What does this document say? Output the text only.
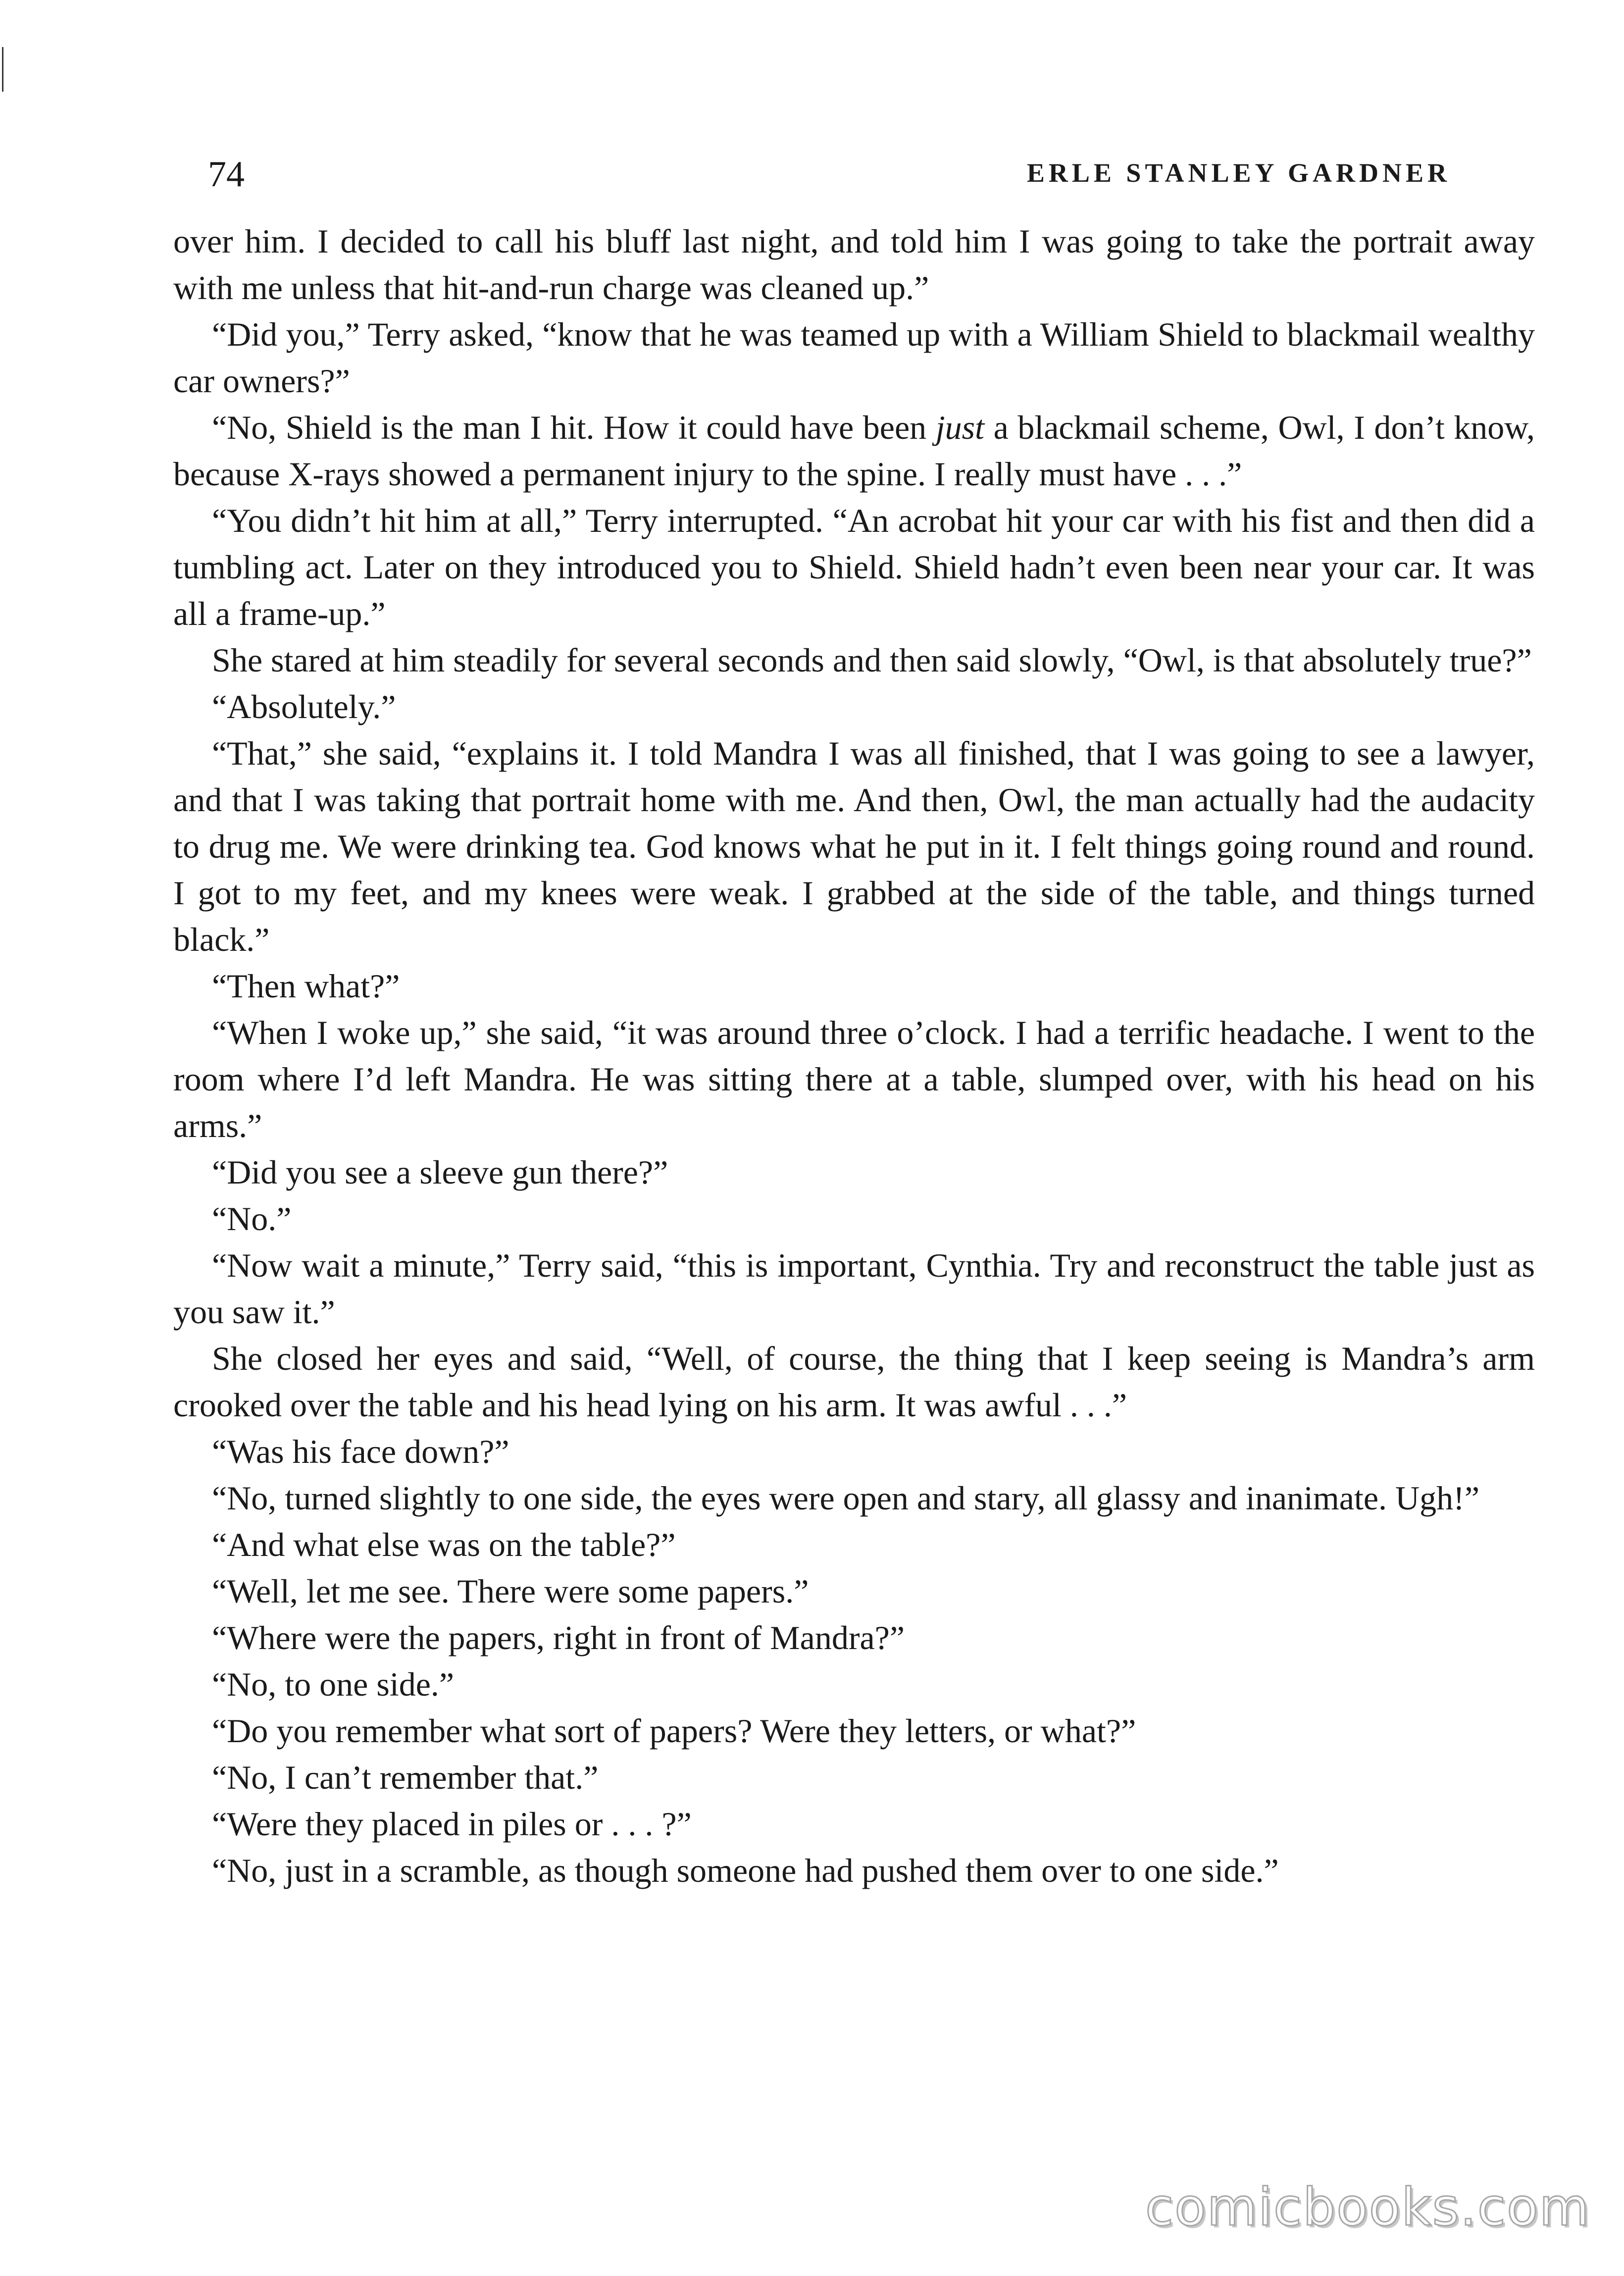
74	ERLE STANLEY GARDNER

over him. I decided to call his bluff last night, and told him I was going to take the portrait away with me unless that hit-and-run charge was cleaned up.”

“Did you,” Terry asked, “know that he was teamed up with a William Shield to blackmail wealthy car owners?”

“No, Shield is the man I hit. How it could have been just a blackmail scheme, Owl, I don’t know, because X-rays showed a permanent injury to the spine. I really must have . . .”

“You didn’t hit him at all,” Terry interrupted. “An acrobat hit your car with his fist and then did a tumbling act. Later on they introduced you to Shield. Shield hadn’t even been near your car. It was all a frame-up.”

She stared at him steadily for several seconds and then said slowly, “Owl, is that absolutely true?”

“Absolutely.”

“That,” she said, “explains it. I told Mandra I was all finished, that I was going to see a lawyer, and that I was taking that portrait home with me. And then, Owl, the man actually had the audacity to drug me. We were drinking tea. God knows what he put in it. I felt things going round and round. I got to my feet, and my knees were weak. I grabbed at the side of the table, and things turned black.”

“Then what?”

“When I woke up,” she said, “it was around three o’clock. I had a terrific headache. I went to the room where I’d left Mandra. He was sitting there at a table, slumped over, with his head on his arms.”

“Did you see a sleeve gun there?”

“No.”

“Now wait a minute,” Terry said, “this is important, Cynthia. Try and reconstruct the table just as you saw it.”

She closed her eyes and said, “Well, of course, the thing that I keep seeing is Mandra’s arm crooked over the table and his head lying on his arm. It was awful . . .”

“Was his face down?”

“No, turned slightly to one side, the eyes were open and stary, all glassy and inanimate. Ugh!”

“And what else was on the table?”

“Well, let me see. There were some papers.”

“Where were the papers, right in front of Mandra?”

“No, to one side.”

“Do you remember what sort of papers? Were they letters, or what?”

“No, I can’t remember that.”

“Were they placed in piles or . . . ?”

“No, just in a scramble, as though someone had pushed them over to one side.”

comicbooks.com
